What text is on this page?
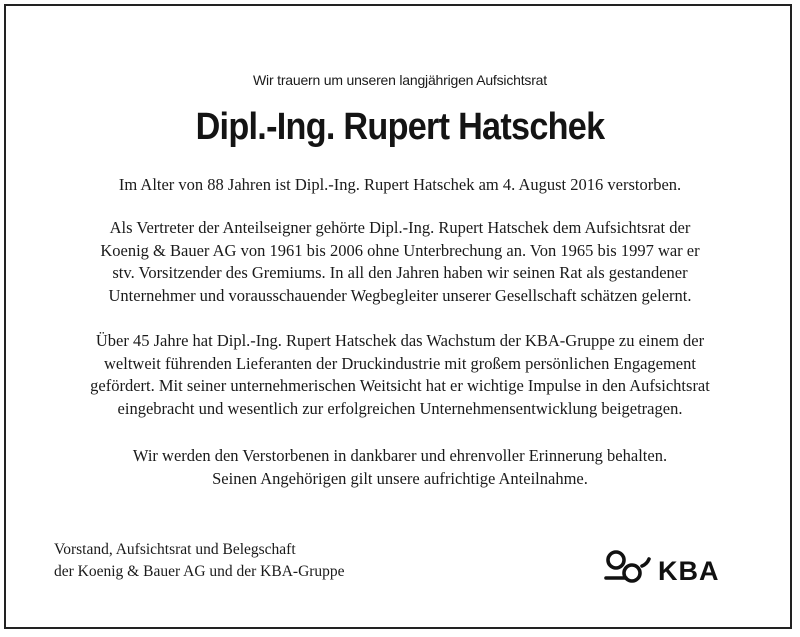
Wir trauern um unseren langjährigen Aufsichtsrat
Dipl.-Ing. Rupert Hatschek
Im Alter von 88 Jahren ist Dipl.-Ing. Rupert Hatschek am 4. August 2016 verstorben.
Als Vertreter der Anteilseigner gehörte Dipl.-Ing. Rupert Hatschek dem Aufsichtsrat der
Koenig & Bauer AG von 1961 bis 2006 ohne Unterbrechung an. Von 1965 bis 1997 war er
stv. Vorsitzender des Gremiums. In all den Jahren haben wir seinen Rat als gestandener
Unternehmer und vorausschauender Wegbegleiter unserer Gesellschaft schätzen gelernt.
Über 45 Jahre hat Dipl.-Ing. Rupert Hatschek das Wachstum der KBA-Gruppe zu einem der
weltweit führenden Lieferanten der Druckindustrie mit großem persönlichen Engagement
gefördert. Mit seiner unternehmerischen Weitsicht hat er wichtige Impulse in den Aufsichtsrat
eingebracht und wesentlich zur erfolgreichen Unternehmensentwicklung beigetragen.
Wir werden den Verstorbenen in dankbarer und ehrenvoller Erinnerung behalten.
Seinen Angehörigen gilt unsere aufrichtige Anteilnahme.
Vorstand, Aufsichtsrat und Belegschaft
der Koenig & Bauer AG und der KBA-Gruppe	KBA
